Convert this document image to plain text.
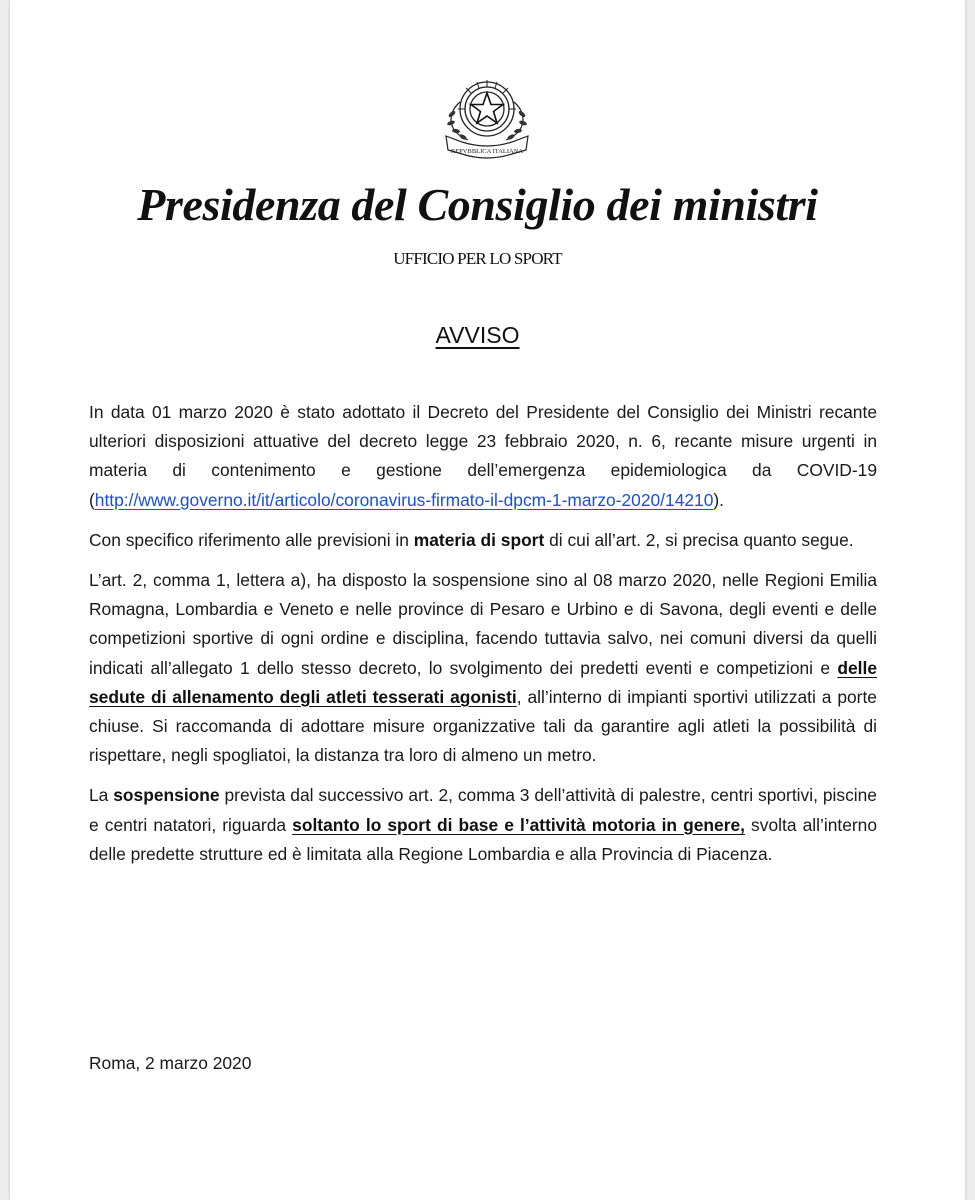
REPVBBLICA ITALIANA
Presidenza del Consiglio dei ministri
UFFICIO PER LO SPORT
AVVISO

In data 01 marzo 2020 è stato adottato il Decreto del Presidente del Consiglio dei Ministri recante ulteriori disposizioni attuative del decreto legge 23 febbraio 2020, n. 6, recante misure urgenti in materia di contenimento e gestione dell’emergenza epidemiologica da COVID-19 (http://www.governo.it/it/articolo/coronavirus-firmato-il-dpcm-1-marzo-2020/14210).

Con specifico riferimento alle previsioni in materia di sport di cui all’art. 2, si precisa quanto segue.

L’art. 2, comma 1, lettera a), ha disposto la sospensione sino al 08 marzo 2020, nelle Regioni Emilia Romagna, Lombardia e Veneto e nelle province di Pesaro e Urbino e di Savona, degli eventi e delle competizioni sportive di ogni ordine e disciplina, facendo tuttavia salvo, nei comuni diversi da quelli indicati all’allegato 1 dello stesso decreto, lo svolgimento dei predetti eventi e competizioni e delle sedute di allenamento degli atleti tesserati agonisti, all’interno di impianti sportivi utilizzati a porte chiuse. Si raccomanda di adottare misure organizzative tali da garantire agli atleti la possibilità di rispettare, negli spogliatoi, la distanza tra loro di almeno un metro.

La sospensione prevista dal successivo art. 2, comma 3 dell’attività di palestre, centri sportivi, piscine e centri natatori, riguarda soltanto lo sport di base e l’attività motoria in genere, svolta all’interno delle predette strutture ed è limitata alla Regione Lombardia e alla Provincia di Piacenza.

Roma, 2 marzo 2020
